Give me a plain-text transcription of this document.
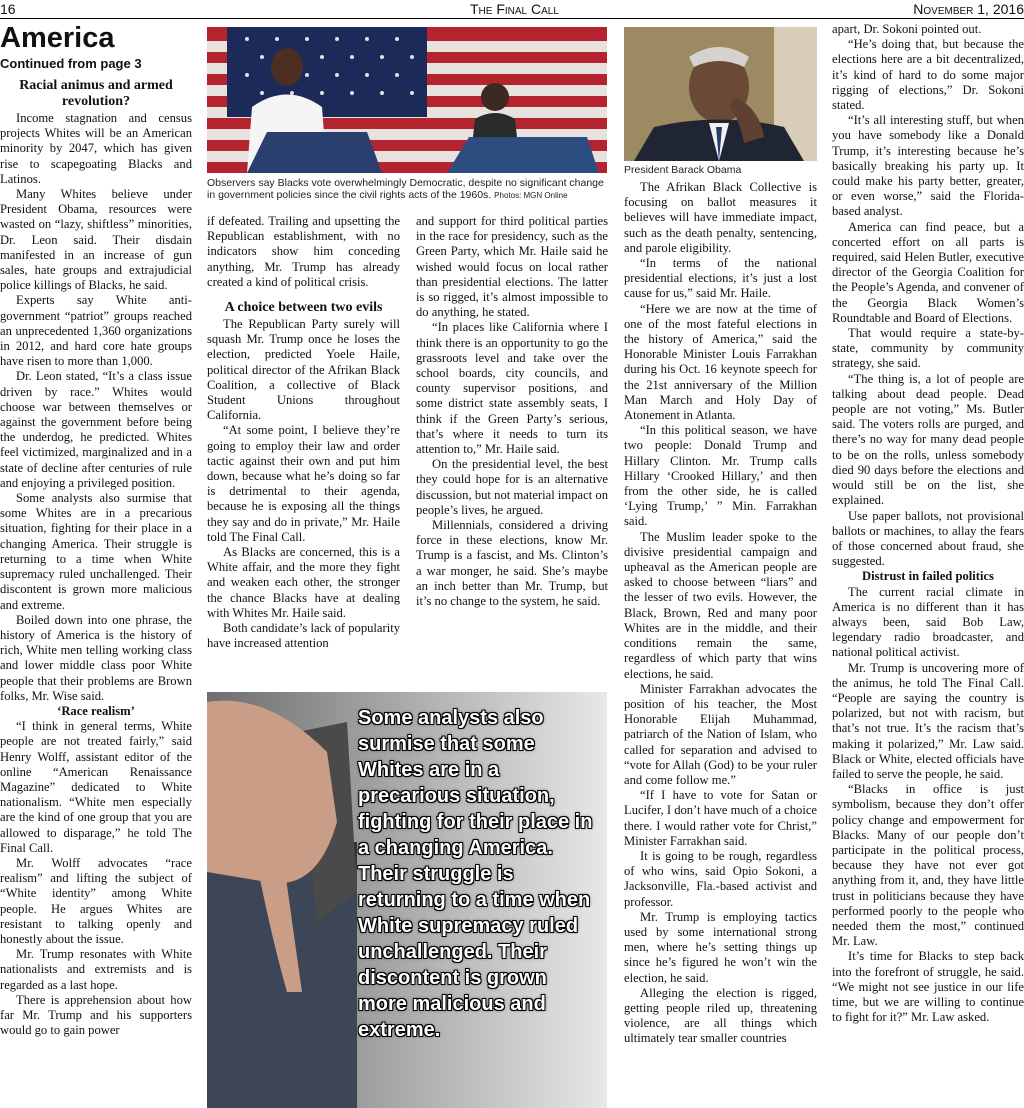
16	The Final Call	November 1, 2016
America
Continued from page 3
Racial animus and armed revolution?

Income stagnation and census projects Whites will be an American minority by 2047, which has given rise to scapegoating Blacks and Latinos.

Many Whites believe under President Obama, resources were wasted on “lazy, shiftless” minorities, Dr. Leon said. Their disdain manifested in an increase of gun sales, hate groups and extrajudicial police killings of Blacks, he said.

Experts say White anti-government “patriot” groups reached an unprecedented 1,360 organizations in 2012, and hard core hate groups have risen to more than 1,000.

Dr. Leon stated, “It’s a class issue driven by race.” Whites would choose war between themselves or against the government before being the underdog, he predicted. Whites feel victimized, marginalized and in a state of decline after centuries of rule and enjoying a privileged position.

Some analysts also surmise that some Whites are in a precarious situation, fighting for their place in a changing America. Their struggle is returning to a time when White supremacy ruled unchallenged. Their discontent is grown more malicious and extreme.

Boiled down into one phrase, the history of America is the history of rich, White men telling working class and lower middle class poor White people that their problems are Brown folks, Mr. Wise said.

‘Race realism’

“I think in general terms, White people are not treated fairly,” said Henry Wolff, assistant editor of the online “American Renaissance Magazine” dedicated to White nationalism. “White men especially are the kind of one group that you are allowed to disparage,” he told The Final Call.

Mr. Wolff advocates “race realism” and lifting the subject of “White identity” among White people. He argues Whites are resistant to talking openly and honestly about the issue.

Mr. Trump resonates with White nationalists and extremists and is regarded as a last hope.

There is apprehension about how far Mr. Trump and his supporters would go to gain power

Observers say Blacks vote overwhelmingly Democratic, despite no significant change in government policies since the civil rights acts of the 1960s. Photos: MGN Online

if defeated. Trailing and upsetting the Republican establishment, with no indicators show him conceding anything, Mr. Trump has already created a kind of political crisis.

A choice between two evils

The Republican Party surely will squash Mr. Trump once he loses the election, predicted Yoele Haile, political director of the Afrikan Black Coalition, a collective of Black Student Unions throughout California.

“At some point, I believe they’re going to employ their law and order tactic against their own and put him down, because what he’s doing so far is detrimental to their agenda, because he is exposing all the things they say and do in private,” Mr. Haile told The Final Call.

As Blacks are concerned, this is a White affair, and the more they fight and weaken each other, the stronger the chance Blacks have at dealing with Whites Mr. Haile said.

Both candidate’s lack of popularity have increased attention

and support for third political parties in the race for presidency, such as the Green Party, which Mr. Haile said he wished would focus on local rather than presidential elections. The latter is so rigged, it’s almost impossible to do anything, he stated.

“In places like California where I think there is an opportunity to go the grassroots level and take over the school boards, city councils, and county supervisor positions, and some district state assembly seats, I think if the Green Party’s serious, that’s where it needs to turn its attention to,” Mr. Haile said.

On the presidential level, the best they could hope for is an alternative discussion, but not material impact on people’s lives, he argued.

Millennials, considered a driving force in these elections, know Mr. Trump is a fascist, and Ms. Clinton’s a war monger, he said. She’s maybe an inch better than Mr. Trump, but it’s no change to the system, he said.

Some analysts also surmise that some Whites are in a precarious situation, fighting for their place in a changing America. Their struggle is returning to a time when White supremacy ruled unchallenged. Their discontent is grown more malicious and extreme.
President Barack Obama

The Afrikan Black Collective is focusing on ballot measures it believes will have immediate impact, such as the death penalty, sentencing, and parole eligibility.

“In terms of the national presidential elections, it’s just a lost cause for us,” said Mr. Haile.

“Here we are now at the time of one of the most fateful elections in the history of America,” said the Honorable Minister Louis Farrakhan during his Oct. 16 keynote speech for the 21st anniversary of the Million Man March and Holy Day of Atonement in Atlanta.

“In this political season, we have two people: Donald Trump and Hillary Clinton. Mr. Trump calls Hillary ‘Crooked Hillary,’ and then from the other side, he is called ‘Lying Trump,’ ” Min. Farrakhan said.

The Muslim leader spoke to the divisive presidential campaign and upheaval as the American people are asked to choose between “liars” and the lesser of two evils. However, the Black, Brown, Red and many poor Whites are in the middle, and their conditions remain the same, regardless of which party that wins elections, he said.

Minister Farrakhan advocates the position of his teacher, the Most Honorable Elijah Muhammad, patriarch of the Nation of Islam, who called for separation and advised to “vote for Allah (God) to be your ruler and come follow me.”

“If I have to vote for Satan or Lucifer, I don’t have much of a choice there. I would rather vote for Christ,” Minister Farrakhan said.

It is going to be rough, regardless of who wins, said Opio Sokoni, a Jacksonville, Fla.-based activist and professor.

Mr. Trump is employing tactics used by some international strong men, where he’s setting things up since he’s figured he won’t win the election, he said.

Alleging the election is rigged, getting people riled up, threatening violence, are all things which ultimately tear smaller countries

apart, Dr. Sokoni pointed out.

“He’s doing that, but because the elections here are a bit decentralized, it’s kind of hard to do some major rigging of elections,” Dr. Sokoni stated.

“It’s all interesting stuff, but when you have somebody like a Donald Trump, it’s interesting because he’s basically breaking his party up. It could make his party better, greater, or even worse,” said the Florida-based analyst.

America can find peace, but a concerted effort on all parts is required, said Helen Butler, executive director of the Georgia Coalition for the People’s Agenda, and convener of the Georgia Black Women’s Roundtable and Board of Elections.

That would require a state-by-state, community by community strategy, she said.

“The thing is, a lot of people are talking about dead people. Dead people are not voting,” Ms. Butler said. The voters rolls are purged, and there’s no way for many dead people to be on the rolls, unless somebody died 90 days before the elections and would still be on the list, she explained.

Use paper ballots, not provisional ballots or machines, to allay the fears of those concerned about fraud, she suggested.

Distrust in failed politics

The current racial climate in America is no different than it has always been, said Bob Law, legendary radio broadcaster, and national political activist.

Mr. Trump is uncovering more of the animus, he told The Final Call. “People are saying the country is polarized, but not with racism, but that’s not true. It’s the racism that’s making it polarized,” Mr. Law said. Black or White, elected officials have failed to serve the people, he said.

“Blacks in office is just symbolism, because they don’t offer policy change and empowerment for Blacks. Many of our people don’t participate in the political process, because they have not ever got anything from it, and, they have little trust in politicians because they have performed poorly to the people who needed them the most,” continued Mr. Law.

It’s time for Blacks to step back into the forefront of struggle, he said. “We might not see justice in our life time, but we are willing to continue to fight for it?” Mr. Law asked.
